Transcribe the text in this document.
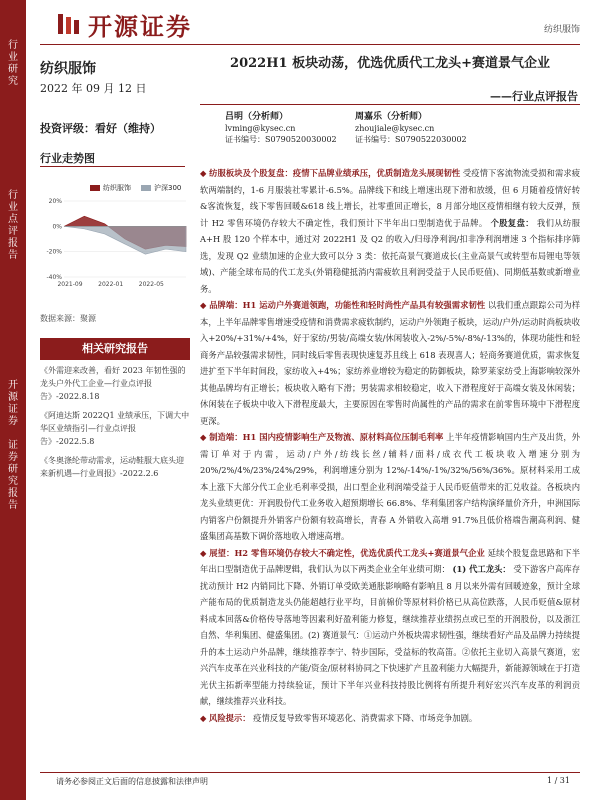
行
业
研
究
行
业
点
评
报
告
开
源
证
券
证
券
研
究
报
告
开源证券	纺织服饰
纺织服饰
2022 年 09 月 12 日
投资评级：看好（维持）
行业走势图
纺织服饰	沪深300
-40%
-20%
0%
20%
2021-09	2022-01	2022-05
数据来源：聚源
相关研究报告
《外需迎来改善，看好 2023 年韧性强的龙头户外代工企业—行业点评报告》-2022.8.18
《阿迪达斯 2022Q1 业绩承压，下调大中华区业绩指引—行业点评报告》-2022.5.8
《冬奥涤纶带动需求，运动鞋服大底头迎来新机遇—行业周报》-2022.2.6
2022H1 板块动荡，优选优质代工龙头+赛道景气企业
——行业点评报告
吕明（分析师）
lvming@kysec.cn
证书编号：S0790520030002
周嘉乐（分析师）
zhoujiale@kysec.cn
证书编号：S0790522030002

◆ 纺服板块及个股复盘：疫情下品牌业绩承压，优质制造龙头展现韧性 受疫情下客流物流受损和需求疲软两端制约，1-6 月服装社零累计-6.5%。品牌线下和线上增速出现下滑和放缓，但 6 月随着疫情好转&客流恢复，线下零售回暖&618 线上增长，社零重回正增长，8 月部分地区疫情相继有较大反弹，预计 H2 零售环境仍存较大不确定性，我们预计下半年出口型制造优于品牌。 个股复盘： 我们从纺服 A+H 股 120 个样本中，通过对 2022H1 及 Q2 的收入/归母净利润/扣非净利润增速 3 个指标排序筛选，发现 Q2 业绩加速的企业大致可以分 3 类：依托高景气赛道成长(主业高景气或转型布局锂电等领域)、产能全球布局的代工龙头(外销稳健抵消内需疲软且利润受益于人民币贬值)、同期低基数或新增业务。

◆ 品牌端：H1 运动户外赛道领跑，功能性和轻时尚性产品具有较强需求韧性 以我们重点跟踪公司为样本，上半年品牌零售增速受疫情和消费需求疲软制约，运动户外领跑子板块，运动/户外/运动时尚板块收入+20%/+31%/+4%，好于家纺/男装/高端女装/休闲装收入-2%/-5%/-8%/-13%的，体现功能性和轻商务产品较强需求韧性，同时线后零售表现快速复苏且线上 618 表现喜人；轻商务赛道优质，需求恢复进扩至下半年时间段，家纺收入+4%；家纺养业增较为稳定的防御板块，除罗莱家纺受上海影响较深外其他品牌均有正增长；板块收入略有下滑；男装需求相较稳定，收入下滑程度好于高端女装及休闲装；休闲装在子板块中收入下滑程度最大，主要原因在零售时尚属性的产品的需求在前零售环境中下滑程度更深。

◆ 制造端：H1 国内疫情影响生产及物流、原材料高位压制毛利率 上半年疫情影响国内生产及出货，外需订单对于内需，运动/户外/纺线长丝/辅料/面料/成衣代工板块收入增速分别为 20%/2%/4%/23%/24%/29%，利润增速分别为 12%/-14%/-1%/32%/56%/36%。原材料采用工成本上涨下大部分代工企业毛利率受损，出口型企业利润端受益于人民币贬值带来的汇兑收益。各板块内龙头业绩更优：开润股份代工业务收入超预期增长 66.8%、华利集团客户结构演绎量价齐升，申洲国际内销客户份额提升外销客户份额有较高增长，青春 A 外销收入高增 91.7%且低价格端告潮高利润、健盛集团高基数下调价落地收入增速高增。

◆ 展望：H2 零售环境仍存较大不确定性，优选优质代工龙头+赛道景气企业 延续个股复盘思路和下半年出口型制造优于品牌逻辑，我们认为以下两类企业全年业绩可期： (1) 代工龙头： 受下游客户高库存扰动预计 H2 内销同比下降、外销订单受欧美通胀影响略有影响且 8 月以来外需有回暖迹象，预计全球产能布局的优质制造龙头仍能超越行业平均，目前棉价等原材料价格已从高位跌落，人民币贬值&原材料成本回落&价格传导落地等因素利好盈利能力修复，继续推荐业绩拐点或已至的开润股份，以及浙江自然、华利集团、健盛集团。(2) 赛道景气：①运动户外板块需求韧性强，继续看好产品及品牌力持续提升的本土运动户外品牌，继续推荐李宁、特步国际，受益标的牧高笛。②依托主业切入高景气赛道，宏兴汽车皮革在兴业科技的产能/资金/原材料协同之下快速扩产且盈利能力大幅提升，新能源领域在于打造光伏主拓新率型能力持续验证，预计下半年兴业科技持股比例将有所提升利好宏兴汽车皮革的利润贡献，继续推荐兴业科技。

◆ 风险提示： 疫情反复导致零售环境恶化、消费需求下降、市场竞争加剧。

请务必参阅正文后面的信息披露和法律声明	1 / 31
